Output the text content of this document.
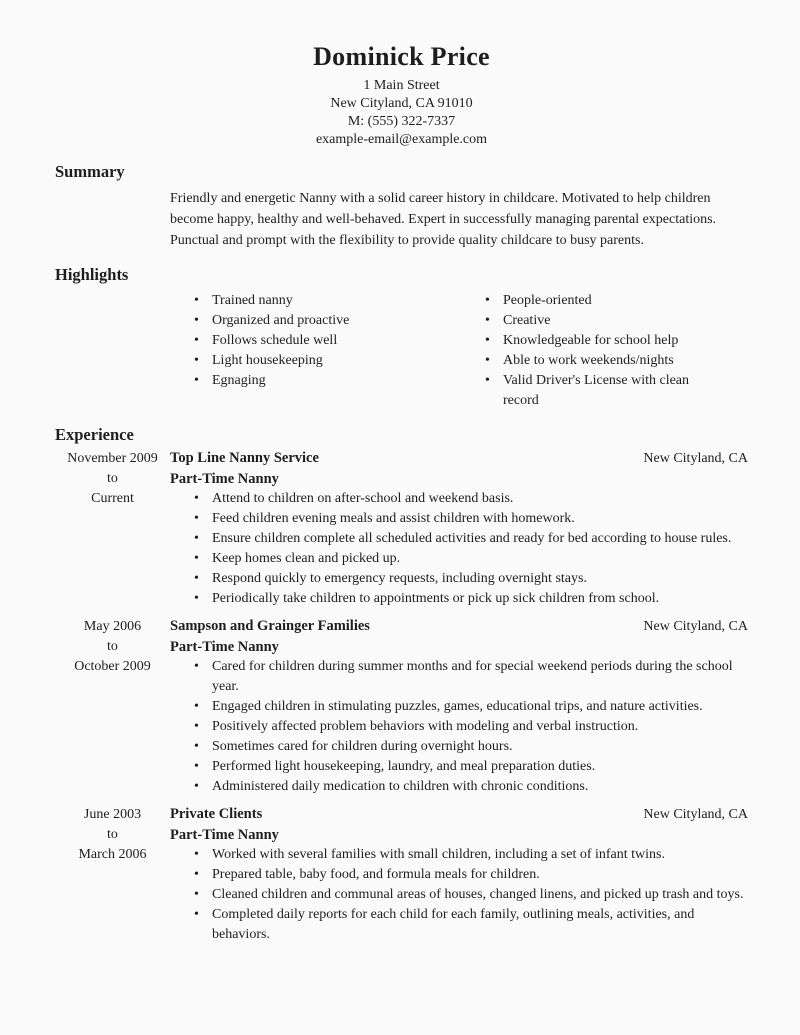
Dominick Price
1 Main Street
New Cityland, CA 91010
M: (555) 322-7337
example-email@example.com
Summary
Friendly and energetic Nanny with a solid career history in childcare. Motivated to help children become happy, healthy and well-behaved. Expert in successfully managing parental expectations. Punctual and prompt with the flexibility to provide quality childcare to busy parents.
Highlights
• Trained nanny
• Organized and proactive
• Follows schedule well
• Light housekeeping
• Egnaging
• People-oriented
• Creative
• Knowledgeable for school help
• Able to work weekends/nights
• Valid Driver's License with clean record
Experience
November 2009
to
Current
Top Line Nanny Service	New Cityland, CA
Part-Time Nanny
• Attend to children on after-school and weekend basis.
• Feed children evening meals and assist children with homework.
• Ensure children complete all scheduled activities and ready for bed according to house rules.
• Keep homes clean and picked up.
• Respond quickly to emergency requests, including overnight stays.
• Periodically take children to appointments or pick up sick children from school.
May 2006
to
October 2009
Sampson and Grainger Families	New Cityland, CA
Part-Time Nanny
• Cared for children during summer months and for special weekend periods during the school year.
• Engaged children in stimulating puzzles, games, educational trips, and nature activities.
• Positively affected problem behaviors with modeling and verbal instruction.
• Sometimes cared for children during overnight hours.
• Performed light housekeeping, laundry, and meal preparation duties.
• Administered daily medication to children with chronic conditions.
June 2003
to
March 2006
Private Clients	New Cityland, CA
Part-Time Nanny
• Worked with several families with small children, including a set of infant twins.
• Prepared table, baby food, and formula meals for children.
• Cleaned children and communal areas of houses, changed linens, and picked up trash and toys.
• Completed daily reports for each child for each family, outlining meals, activities, and behaviors.
